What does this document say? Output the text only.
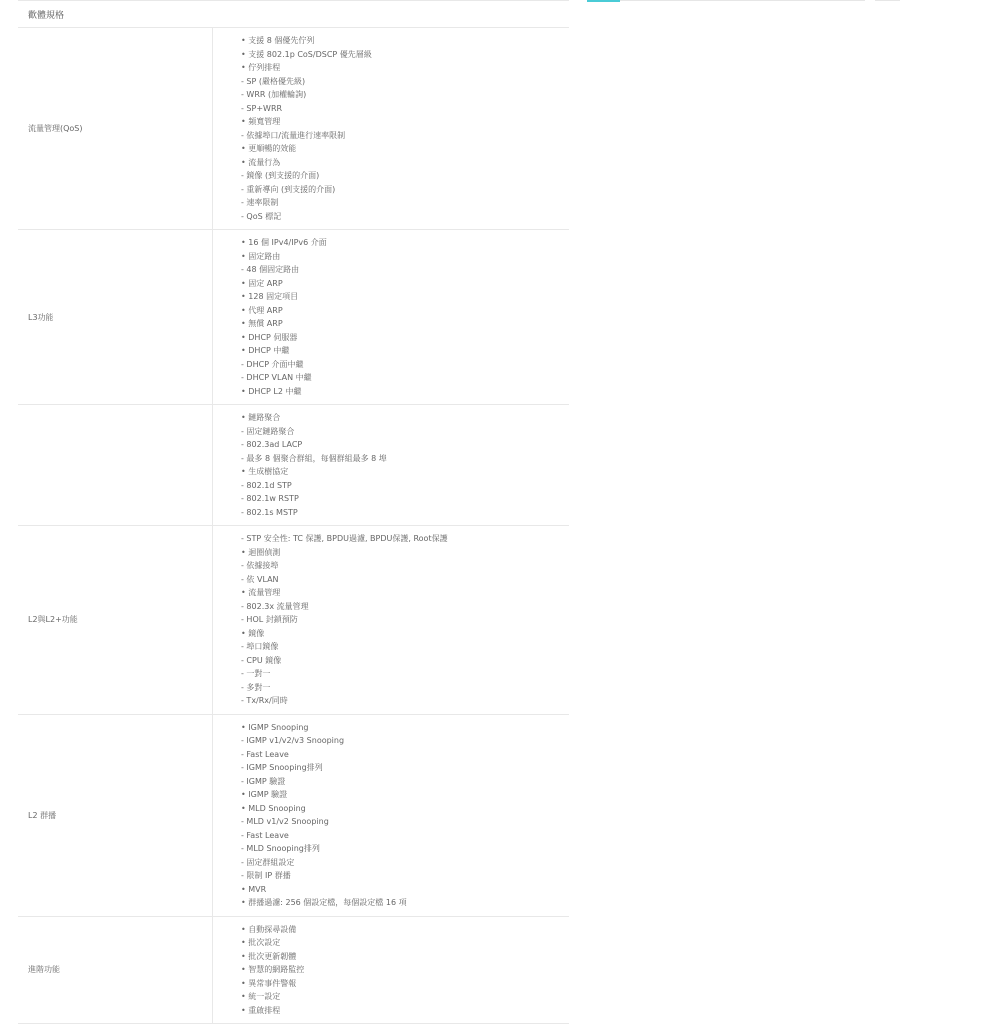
歡體規格
流量管理(QoS)
• 支援 8 個優先佇列
• 支援 802.1p CoS/DSCP 優先層級
• 佇列排程
- SP (嚴格優先級)
- WRR (加權輪詢)
- SP+WRR
• 頻寬管理
- 依據埠口/流量進行速率限制
• 更順暢的效能
• 流量行為
- 鏡像 (到支援的介面)
- 重新導向 (到支援的介面)
- 速率限制
- QoS 標記
L3功能
• 16 個 IPv4/IPv6 介面
• 固定路由
- 48 個固定路由
• 固定 ARP
• 128 固定項目
• 代理 ARP
• 無償 ARP
• DHCP 伺服器
• DHCP 中繼
- DHCP 介面中繼
- DHCP VLAN 中繼
• DHCP L2 中繼
• 鏈路聚合
- 固定鏈路聚合
- 802.3ad LACP
- 最多 8 個聚合群組，每個群組最多 8 埠
• 生成樹協定
- 802.1d STP
- 802.1w RSTP
- 802.1s MSTP
L2與L2+功能
- STP 安全性: TC 保護, BPDU過濾, BPDU保護, Root保護
• 迴圈偵測
- 依據接埠
- 依 VLAN
• 流量管理
- 802.3x 流量管理
- HOL 封鎖預防
• 鏡像
- 埠口鏡像
- CPU 鏡像
- 一對一
- 多對一
- Tx/Rx/同時
L2 群播
• IGMP Snooping
- IGMP v1/v2/v3 Snooping
- Fast Leave
- IGMP Snooping排列
- IGMP 驗證
• IGMP 驗證
• MLD Snooping
- MLD v1/v2 Snooping
- Fast Leave
- MLD Snooping排列
- 固定群組設定
- 限制 IP 群播
• MVR
• 群播過濾: 256 個設定檔，每個設定檔 16 項
進階功能
• 自動探尋設備
• 批次設定
• 批次更新韌體
• 智慧的網路監控
• 異常事件警報
• 統一設定
• 重啟排程
